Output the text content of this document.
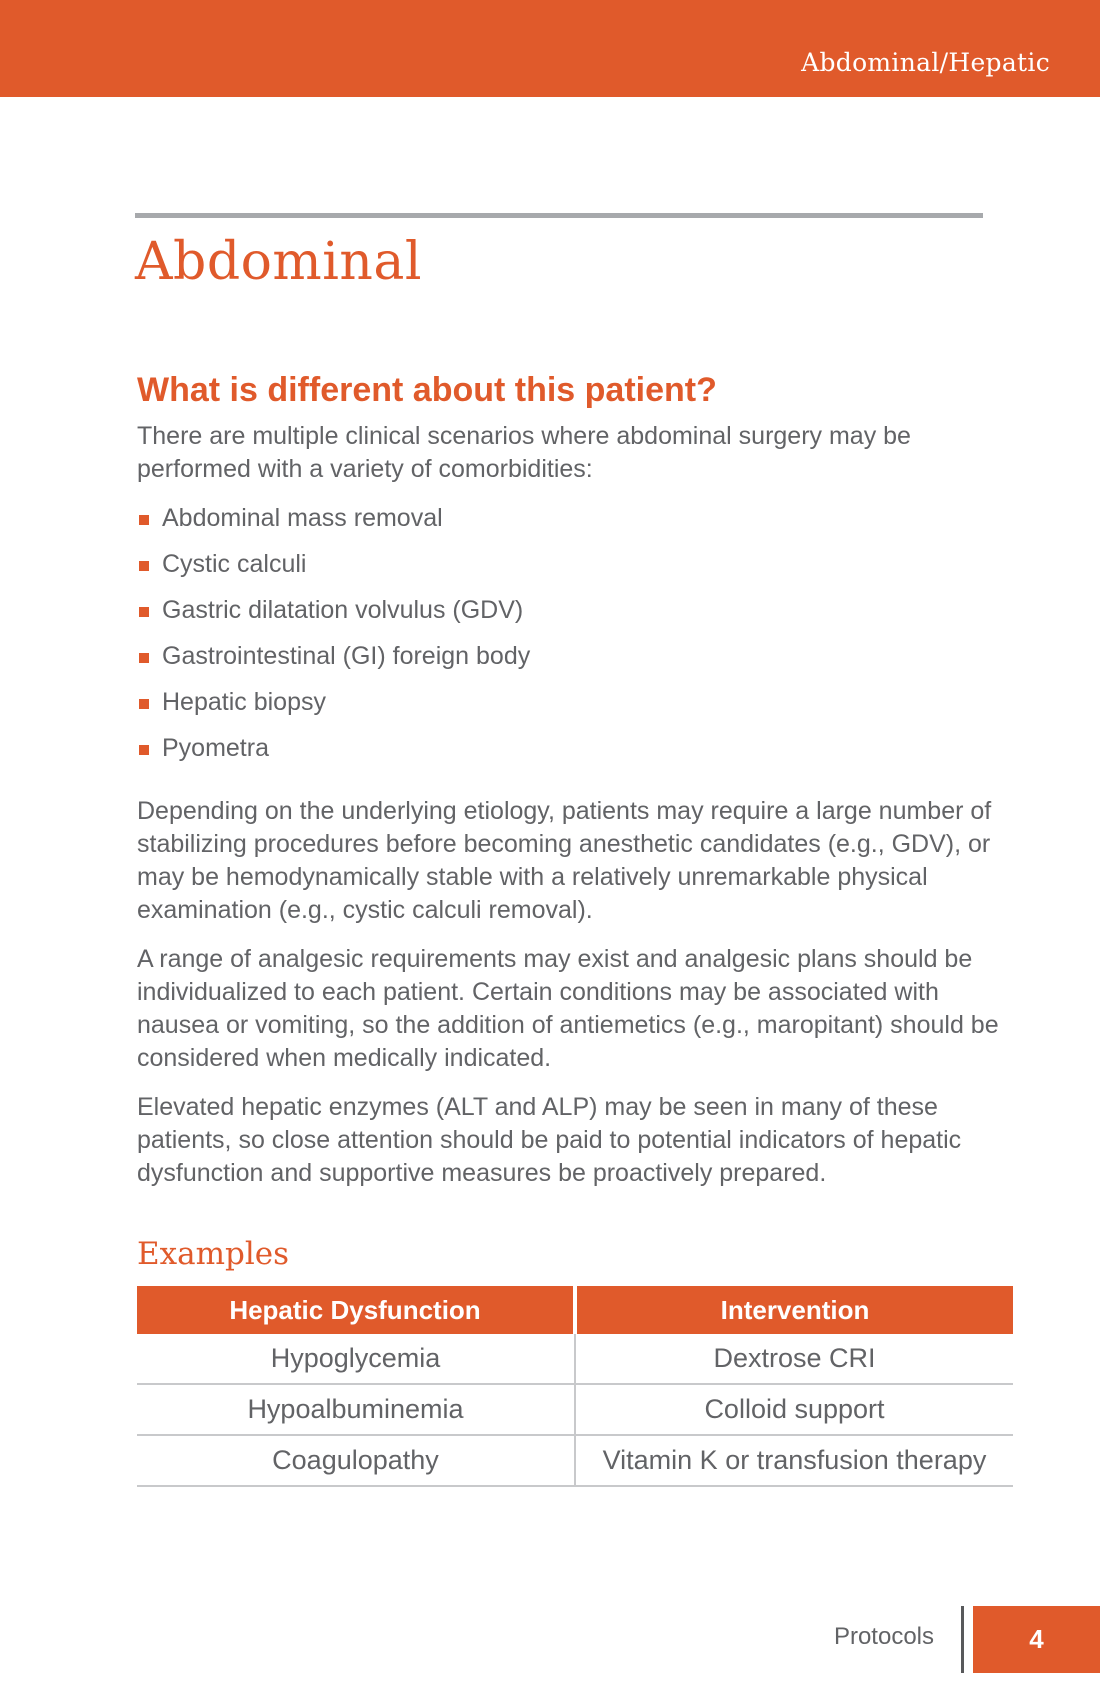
Abdominal/Hepatic
Abdominal
What is different about this patient?

There are multiple clinical scenarios where abdominal surgery may be performed with a variety of comorbidities:

Abdominal mass removal
Cystic calculi
Gastric dilatation volvulus (GDV)
Gastrointestinal (GI) foreign body
Hepatic biopsy
Pyometra

Depending on the underlying etiology, patients may require a large number of stabilizing procedures before becoming anesthetic candidates (e.g., GDV), or may be hemodynamically stable with a relatively unremarkable physical examination (e.g., cystic calculi removal).

A range of analgesic requirements may exist and analgesic plans should be individualized to each patient. Certain conditions may be associated with nausea or vomiting, so the addition of antiemetics (e.g., maropitant) should be considered when medically indicated.

Elevated hepatic enzymes (ALT and ALP) may be seen in many of these patients, so close attention should be paid to potential indicators of hepatic dysfunction and supportive measures be proactively prepared.

Examples
Hepatic Dysfunction	Intervention
Hypoglycemia	Dextrose CRI
Hypoalbuminemia	Colloid support
Coagulopathy	Vitamin K or transfusion therapy
Protocols	4
